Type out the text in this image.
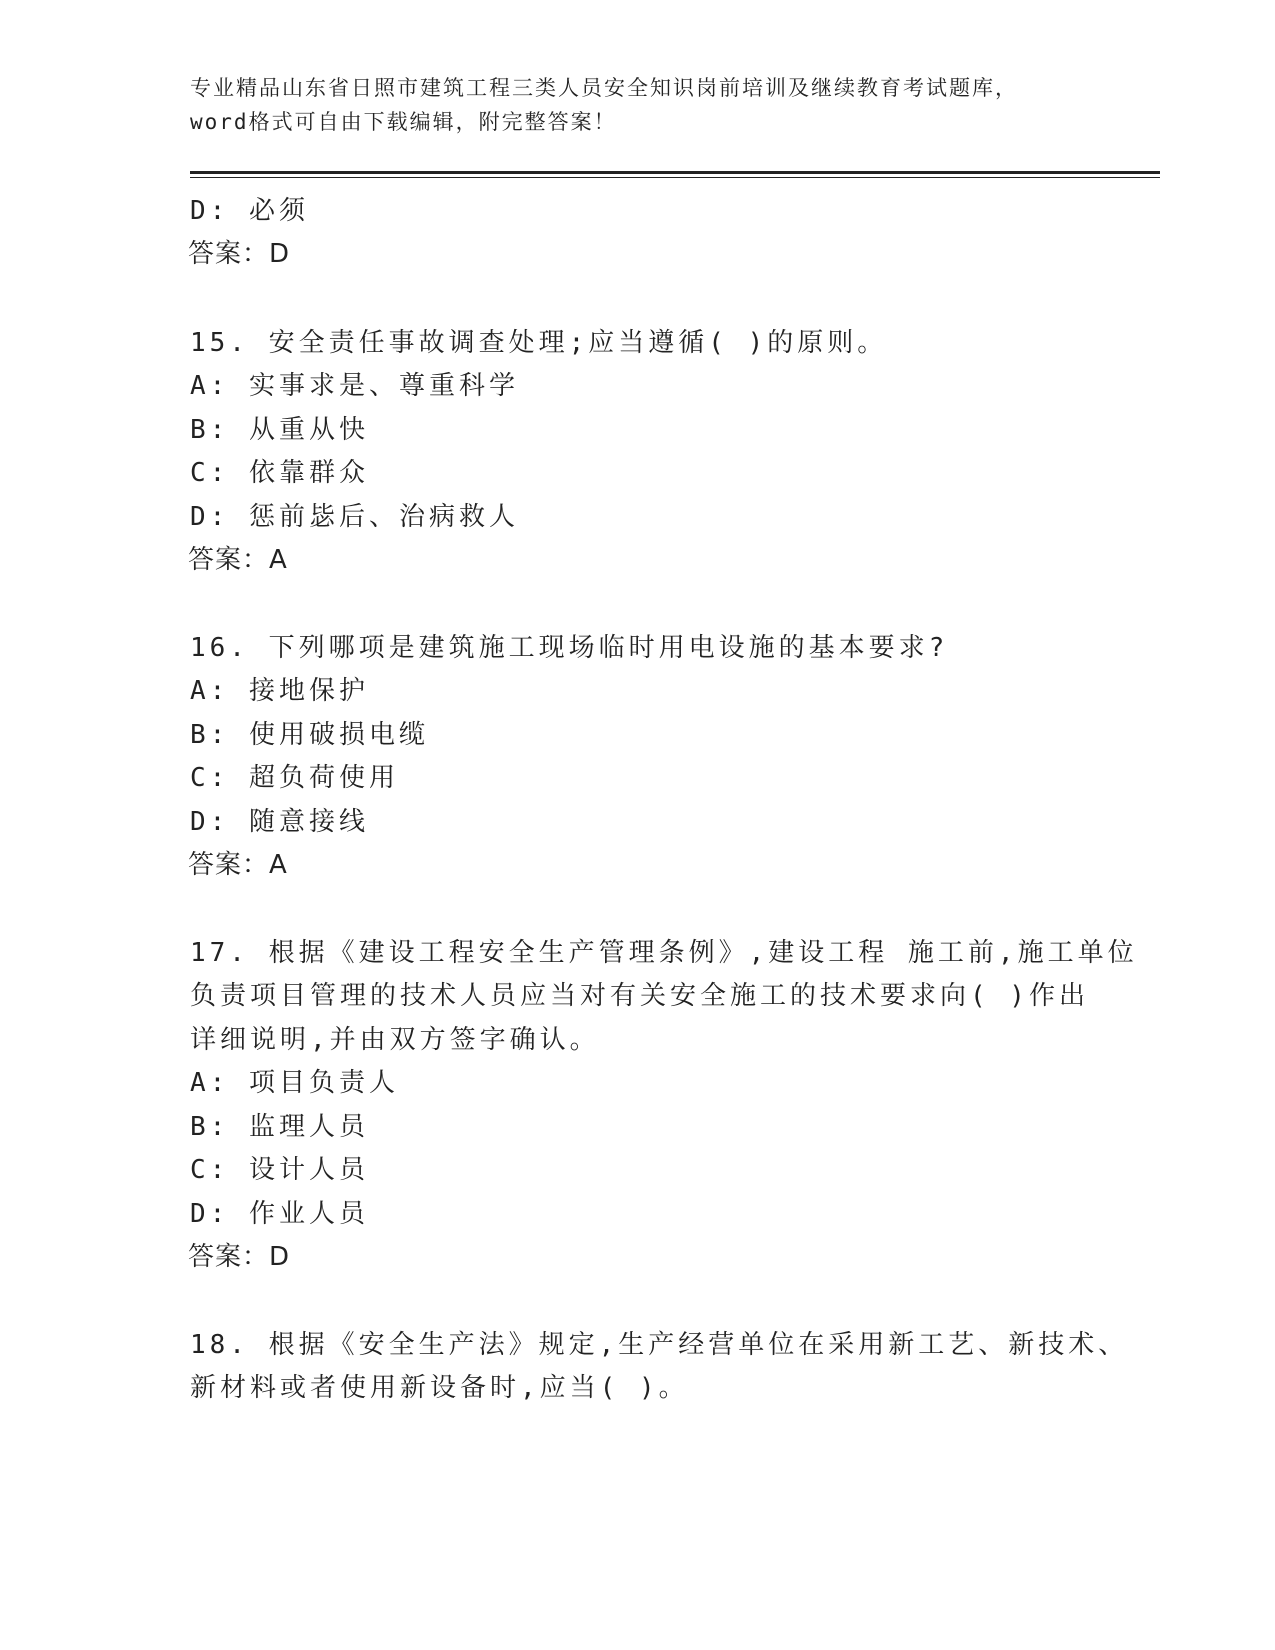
专业精品山东省日照市建筑工程三类人员安全知识岗前培训及继续教育考试题库，
word格式可自由下载编辑，附完整答案！
D: 必须
答案：D
15. 安全责任事故调查处理;应当遵循( )的原则。
A: 实事求是、尊重科学
B: 从重从快
C: 依靠群众
D: 惩前毖后、治病救人
答案：A
16. 下列哪项是建筑施工现场临时用电设施的基本要求?
A: 接地保护
B: 使用破损电缆
C: 超负荷使用
D: 随意接线
答案：A
17. 根据《建设工程安全生产管理条例》,建设工程 施工前,施工单位
负责项目管理的技术人员应当对有关安全施工的技术要求向( )作出
详细说明,并由双方签字确认。
A: 项目负责人
B: 监理人员
C: 设计人员
D: 作业人员
答案：D
18. 根据《安全生产法》规定,生产经营单位在采用新工艺、新技术、
新材料或者使用新设备时,应当( )。
